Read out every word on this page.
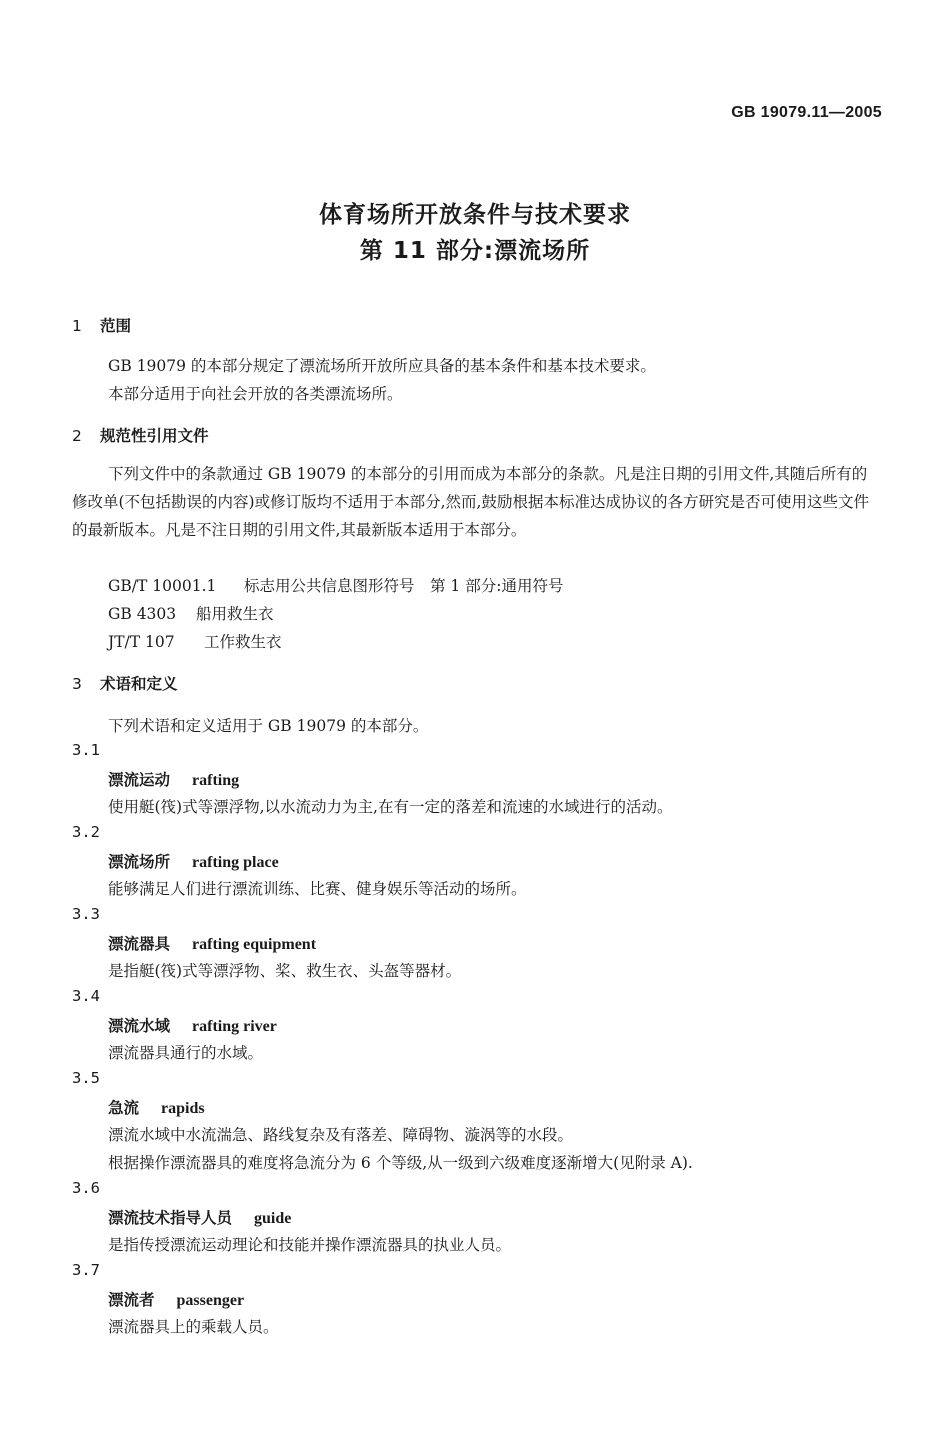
GB 19079.11—2005
体育场所开放条件与技术要求
第 11 部分:漂流场所
1 范围
GB 19079 的本部分规定了漂流场所开放所应具备的基本条件和基本技术要求。
本部分适用于向社会开放的各类漂流场所。
2 规范性引用文件
下列文件中的条款通过 GB 19079 的本部分的引用而成为本部分的条款。凡是注日期的引用文件,其随后所有的修改单(不包括勘误的内容)或修订版均不适用于本部分,然而,鼓励根据本标准达成协议的各方研究是否可使用这些文件的最新版本。凡是不注日期的引用文件,其最新版本适用于本部分。
GB/T 10001.1 标志用公共信息图形符号　第 1 部分:通用符号
GB 4303 船用救生衣
JT/T 107 工作救生衣
3 术语和定义
下列术语和定义适用于 GB 19079 的本部分。
3.1
漂流运动 rafting
使用艇(筏)式等漂浮物,以水流动力为主,在有一定的落差和流速的水域进行的活动。
3.2
漂流场所 rafting place
能够满足人们进行漂流训练、比赛、健身娱乐等活动的场所。
3.3
漂流器具 rafting equipment
是指艇(筏)式等漂浮物、桨、救生衣、头盔等器材。
3.4
漂流水域 rafting river
漂流器具通行的水域。
3.5
急流 rapids
漂流水域中水流湍急、路线复杂及有落差、障碍物、漩涡等的水段。
根据操作漂流器具的难度将急流分为 6 个等级,从一级到六级难度逐渐增大(见附录 A).
3.6
漂流技术指导人员 guide
是指传授漂流运动理论和技能并操作漂流器具的执业人员。
3.7
漂流者 passenger
漂流器具上的乘载人员。
